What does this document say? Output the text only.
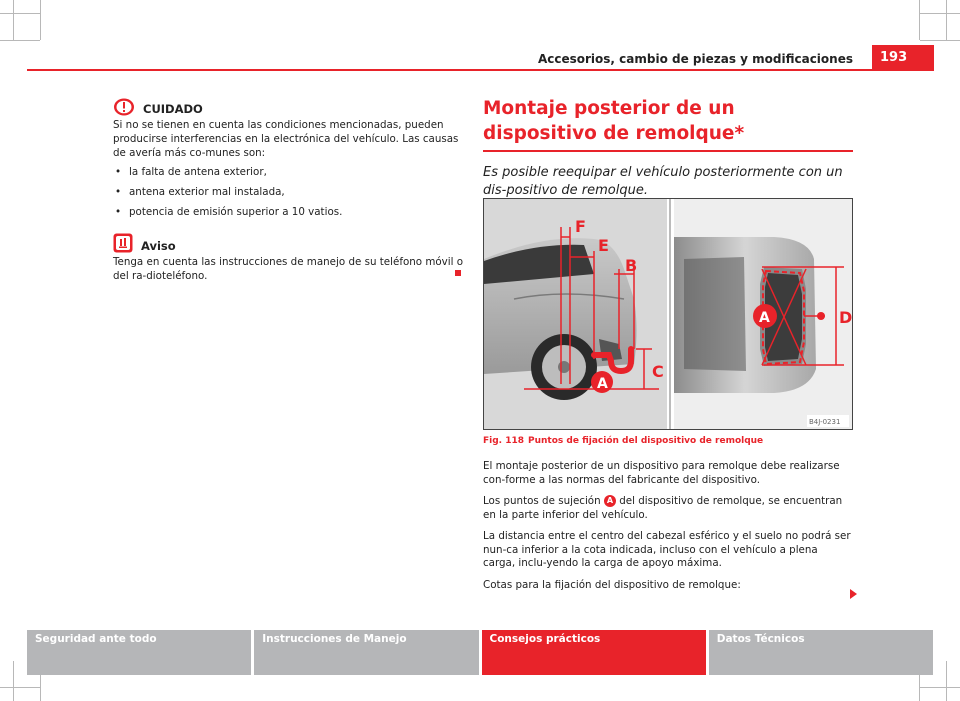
Accesorios, cambio de piezas y modificaciones	193
CUIDADO

Si no se tienen en cuenta las condiciones mencionadas, pueden producirse interferencias en la electrónica del vehículo. Las causas de avería más co-munes son:

• la falta de antena exterior,
• antena exterior mal instalada,
• potencia de emisión superior a 10 vatios.
Aviso

Tenga en cuenta las instrucciones de manejo de su teléfono móvil o del ra-dioteléfono.

Montaje posterior de un dispositivo de remolque*
Es posible reequipar el vehículo posteriormente con un dis-positivo de remolque.
F
E
B
C
A
D
A
B4J-0231
Fig. 118 Puntos de fijación del dispositivo de remolque

El montaje posterior de un dispositivo para remolque debe realizarse con-forme a las normas del fabricante del dispositivo.

Los puntos de sujeción A del dispositivo de remolque, se encuentran en la parte inferior del vehículo.

La distancia entre el centro del cabezal esférico y el suelo no podrá ser nun-ca inferior a la cota indicada, incluso con el vehículo a plena carga, inclu-yendo la carga de apoyo máxima.

Cotas para la fijación del dispositivo de remolque:

Seguridad ante todo	Instrucciones de Manejo	Consejos prácticos	Datos Técnicos
